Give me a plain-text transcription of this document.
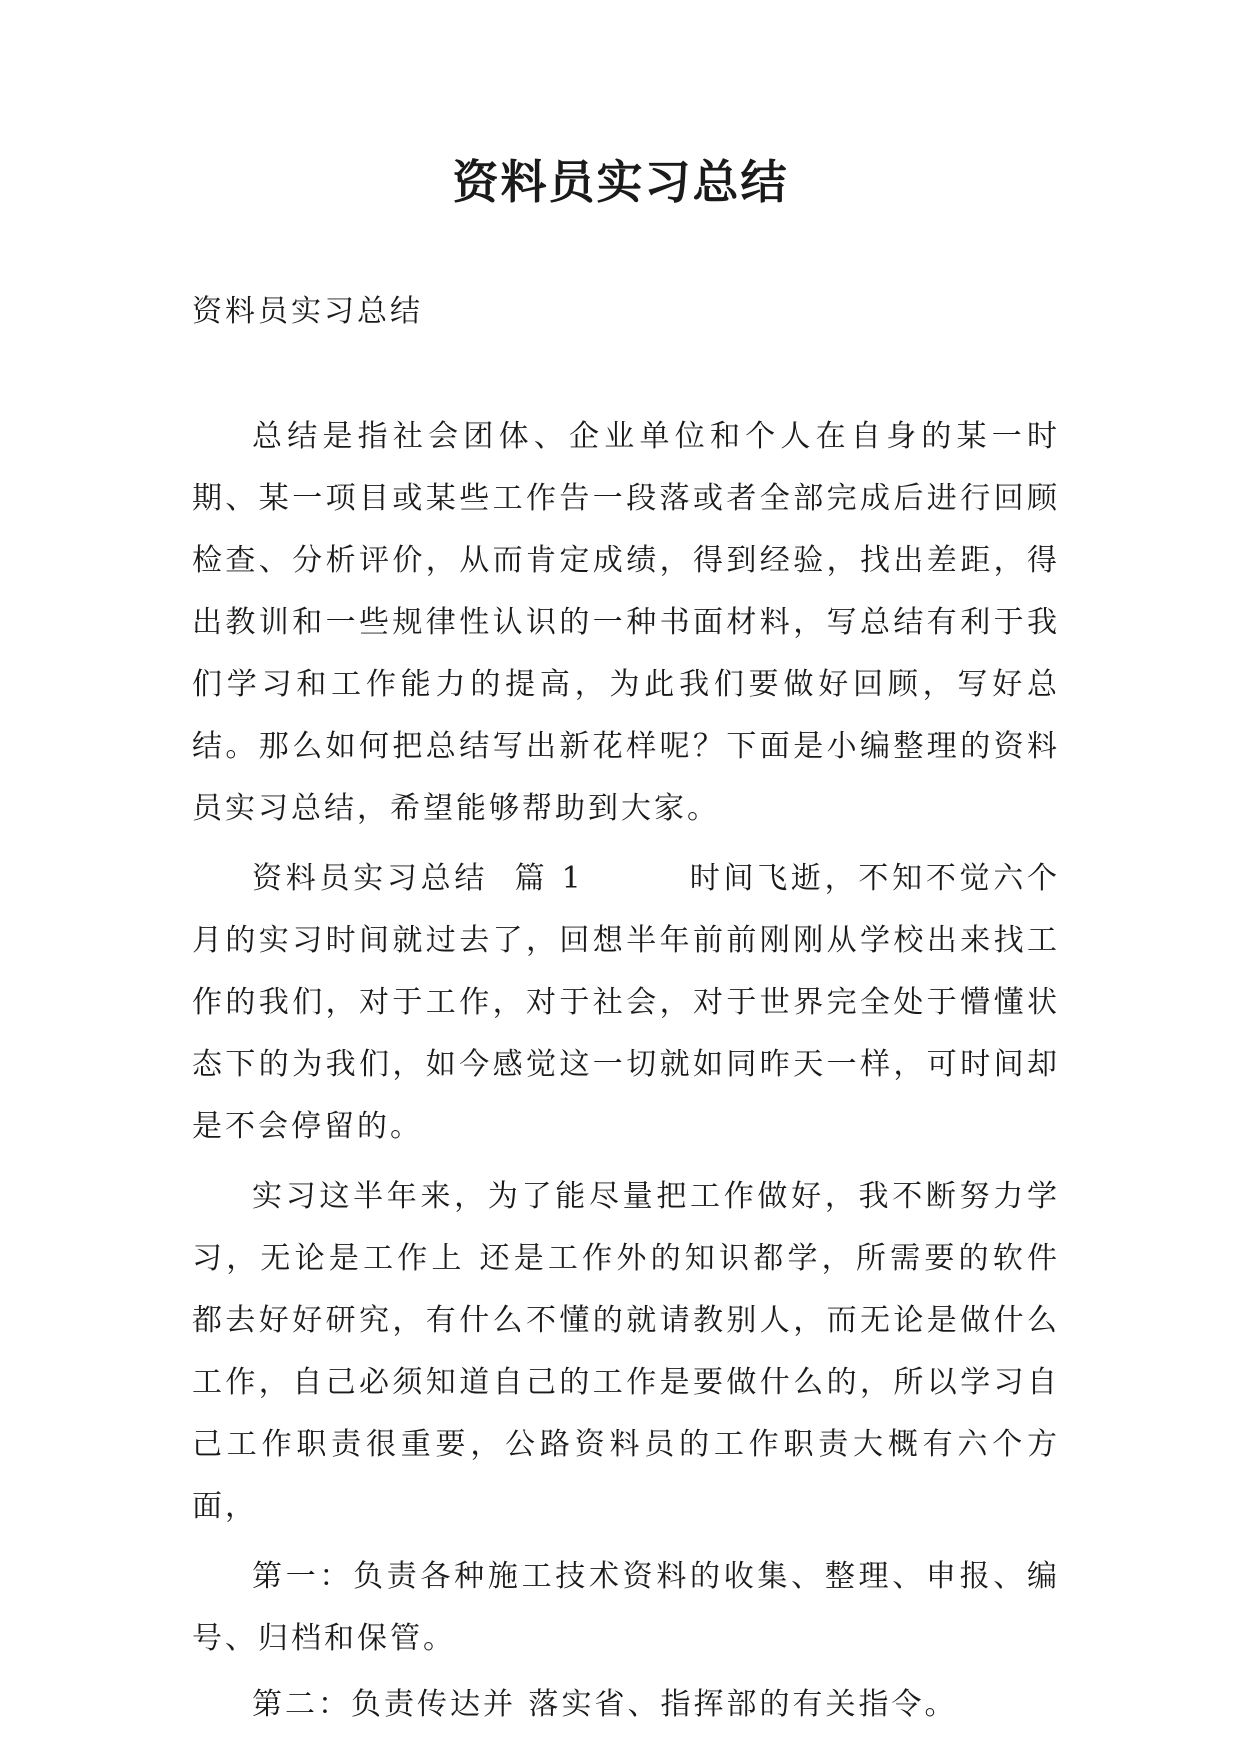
资料员实习总结
资料员实习总结

总结是指社会团体、企业单位和个人在自身的某一时期、某一项目或某些工作告一段落或者全部完成后进行回顾检查、分析评价，从而肯定成绩，得到经验，找出差距，得出教训和一些规律性认识的一种书面材料，写总结有利于我们学习和工作能力的提高，为此我们要做好回顾，写好总结。那么如何把总结写出新花样呢？下面是小编整理的资料员实习总结，希望能够帮助到大家。

资料员实习总结  篇 1        时间飞逝，不知不觉六个月的实习时间就过去了，回想半年前前刚刚从学校出来找工作的我们，对于工作，对于社会，对于世界完全处于懵懂状态下的为我们，如今感觉这一切就如同昨天一样，可时间却是不会停留的。

实习这半年来，为了能尽量把工作做好，我不断努力学习，无论是工作上 还是工作外的知识都学，所需要的软件都去好好研究，有什么不懂的就请教别人，而无论是做什么工作，自己必须知道自己的工作是要做什么的，所以学习自己工作职责很重要，公路资料员的工作职责大概有六个方面，

第一：负责各种施工技术资料的收集、整理、申报、编号、归档和保管。

第二：负责传达并 落实省、指挥部的有关指令。
